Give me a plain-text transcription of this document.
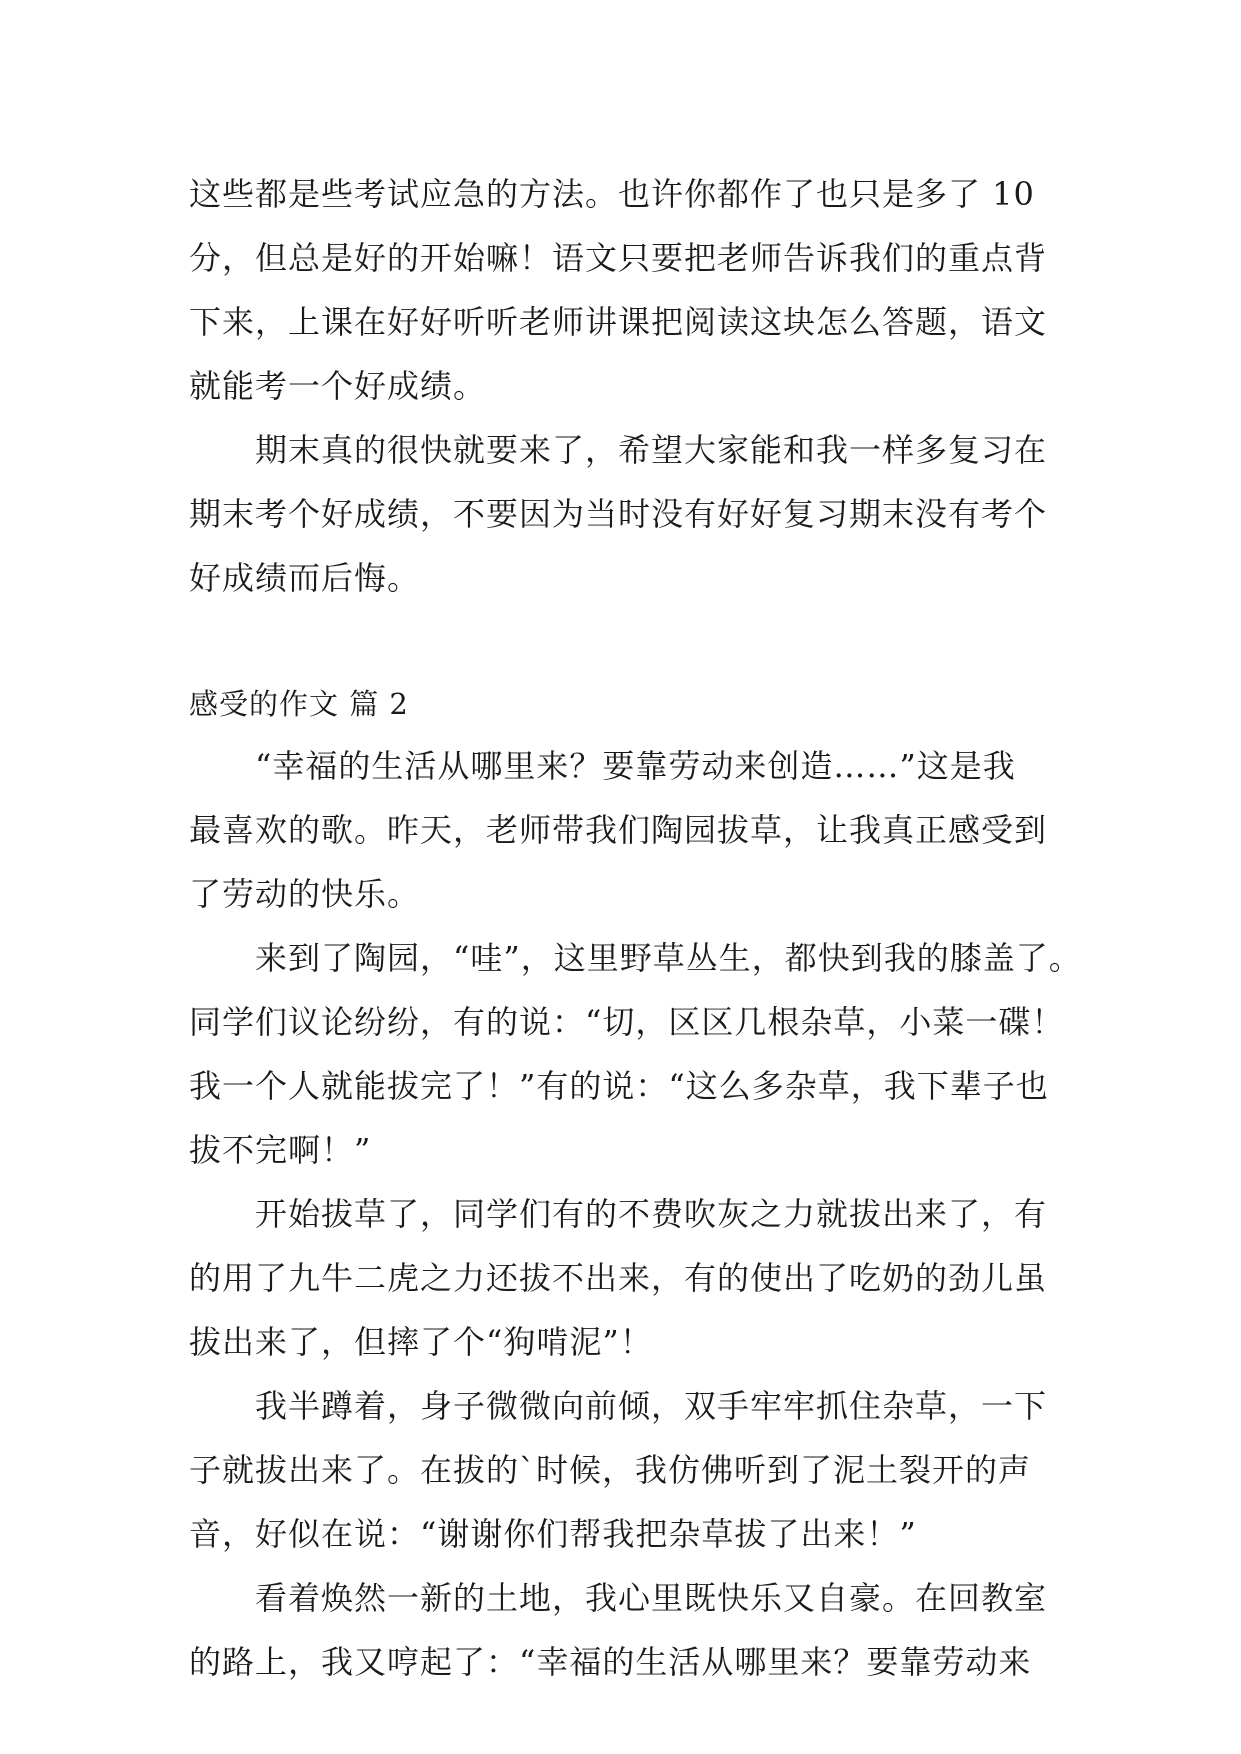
这些都是些考试应急的方法。也许你都作了也只是多了 10
分，但总是好的开始嘛！语文只要把老师告诉我们的重点背
下来，上课在好好听听老师讲课把阅读这块怎么答题，语文
就能考一个好成绩。

期末真的很快就要来了，希望大家能和我一样多复习在
期末考个好成绩，不要因为当时没有好好复习期末没有考个
好成绩而后悔。

感受的作文 篇 2

“幸福的生活从哪里来？要靠劳动来创造……”这是我
最喜欢的歌。昨天，老师带我们陶园拔草，让我真正感受到
了劳动的快乐。

来到了陶园，“哇”，这里野草丛生，都快到我的膝盖了。
同学们议论纷纷，有的说：“切，区区几根杂草，小菜一碟！
我一个人就能拔完了！”有的说：“这么多杂草，我下辈子也
拔不完啊！”

开始拔草了，同学们有的不费吹灰之力就拔出来了，有
的用了九牛二虎之力还拔不出来，有的使出了吃奶的劲儿虽
拔出来了，但摔了个“狗啃泥”！

我半蹲着，身子微微向前倾，双手牢牢抓住杂草，一下
子就拔出来了。在拔的`时候，我仿佛听到了泥土裂开的声
音，好似在说：“谢谢你们帮我把杂草拔了出来！”

看着焕然一新的土地，我心里既快乐又自豪。在回教室
的路上，我又哼起了：“幸福的生活从哪里来？要靠劳动来
